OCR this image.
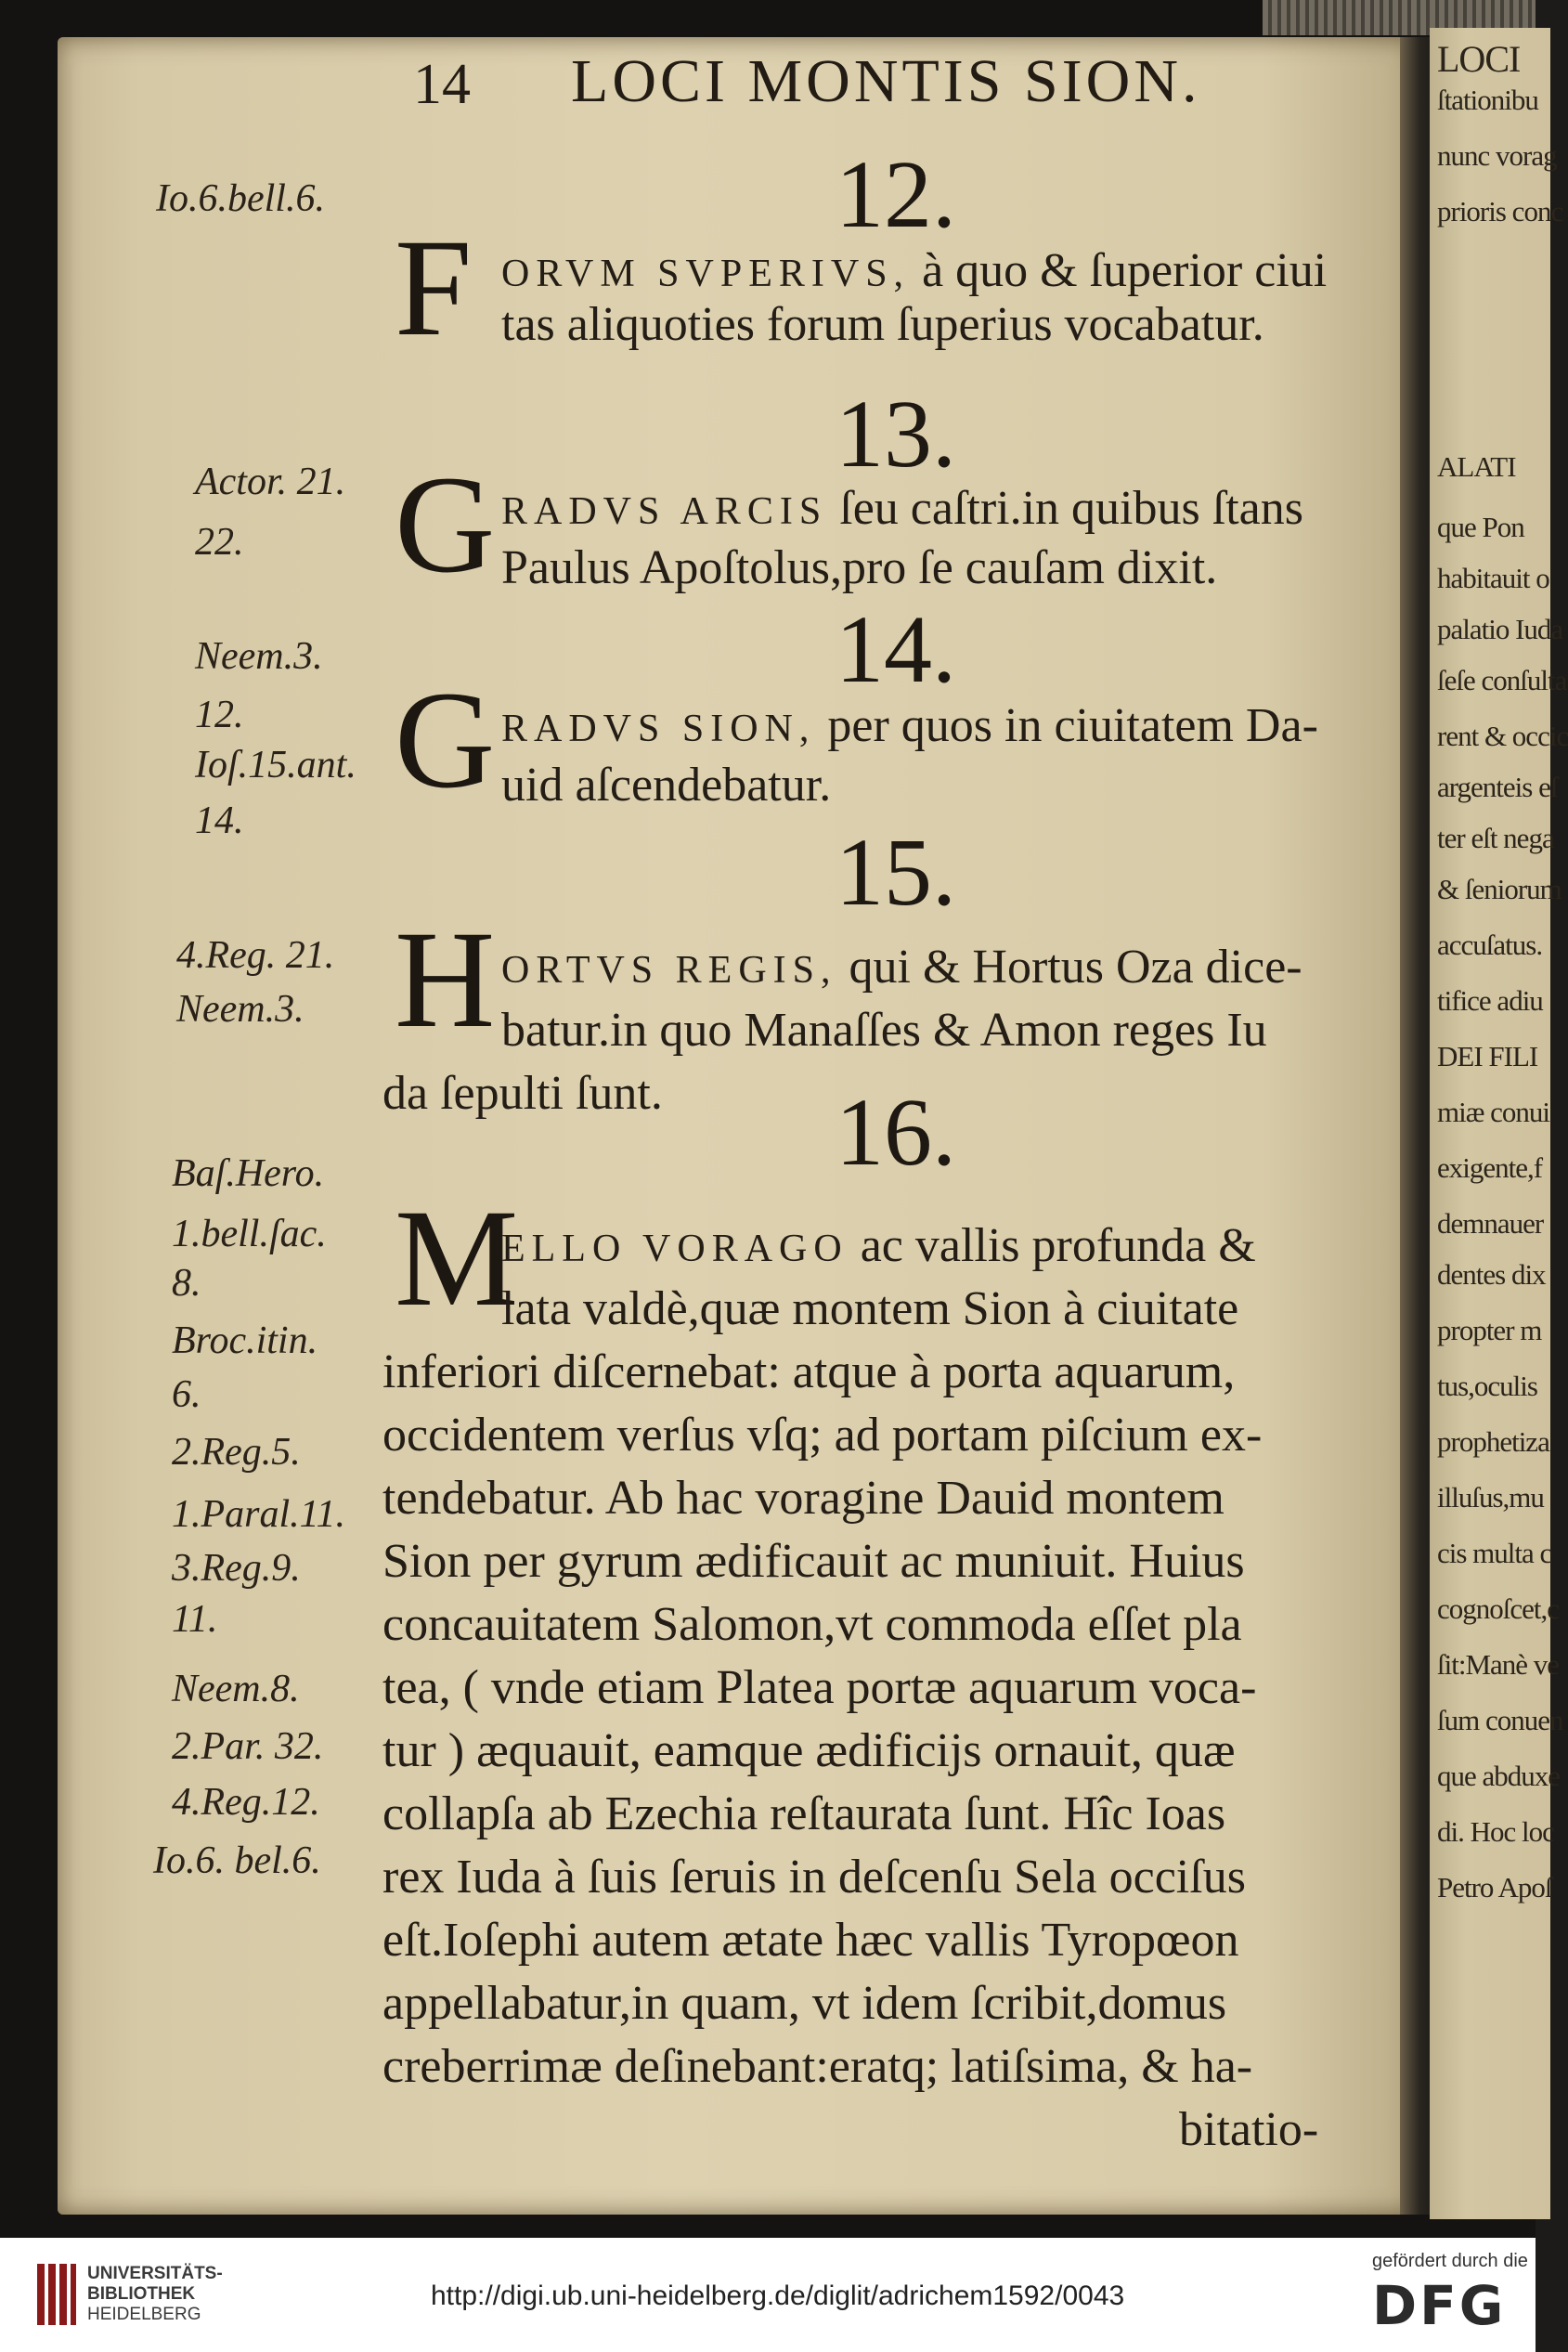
LOCI
ſtationibu
nunc vorag
prioris conc
ALATI
que Pon
habitauit o
palatio Iuda
ſeſe conſulta
rent & occic
argenteis eſ
ter eſt nega
& ſeniorum
accuſatus.
tifice adiu
DEI FILI
miæ conui
exigente,f
demnauer
dentes dix
propter m
tus,oculis
prophetiza
illuſus,mu
cis multa c
cognoſcet,c
ſit:Manè ve
ſum conuen
que abduxe
di. Hoc loc
Petro Apoſ
14 LOCI MONTIS SION.
12.
F ORVM SVPERIVS, à quo & ſuperior ciui
tas aliquoties forum ſuperius vocabatur.
13.
G RADVS ARCIS ſeu caſtri.in quibus ſtans
Paulus Apoſtolus,pro ſe cauſam dixit.
14.
G RADVS SION, per quos in ciuitatem Da-
uid aſcendebatur.
15.
H ORTVS REGIS, qui & Hortus Oza dice-
batur.in quo Manaſſes & Amon reges Iu
da ſepulti ſunt. 16.
M
ELLO VORAGO ac vallis profunda &
lata valdè,quæ montem Sion à ciuitate
inferiori diſcernebat: atque à porta aquarum,
occidentem verſus vſq; ad portam piſcium ex-
tendebatur. Ab hac voragine Dauid montem
Sion per gyrum ædificauit ac muniuit. Huius
concauitatem Salomon,vt commoda eſſet pla
tea, ( vnde etiam Platea portæ aquarum voca-
tur ) æquauit, eamque ædificijs ornauit, quæ
collapſa ab Ezechia reſtaurata ſunt. Hîc Ioas
rex Iuda à ſuis ſeruis in deſcenſu Sela occiſus
eſt.Ioſephi autem ætate hæc vallis Tyropœon
appellabatur,in quam, vt idem ſcribit,domus
creberrimæ deſinebant:eratq; latiſsima, & ha-
bitatio-
Io.6.bell.6.
Actor. 21.
22.
Neem.3.
12.
Ioſ.15.ant.
14.
4.Reg. 21.
Neem.3.
Baſ.Hero.
1.bell.ſac.
8.
Broc.itin.
6.
2.Reg.5.
1.Paral.11.
3.Reg.9.
11.
Neem.8.
2.Par. 32.
4.Reg.12.
Io.6. bel.6.
UNIVERSITÄTS-
BIBLIOTHEK
HEIDELBERG
http://digi.ub.uni-heidelberg.de/diglit/adrichem1592/0043
gefördert durch die
DFG
